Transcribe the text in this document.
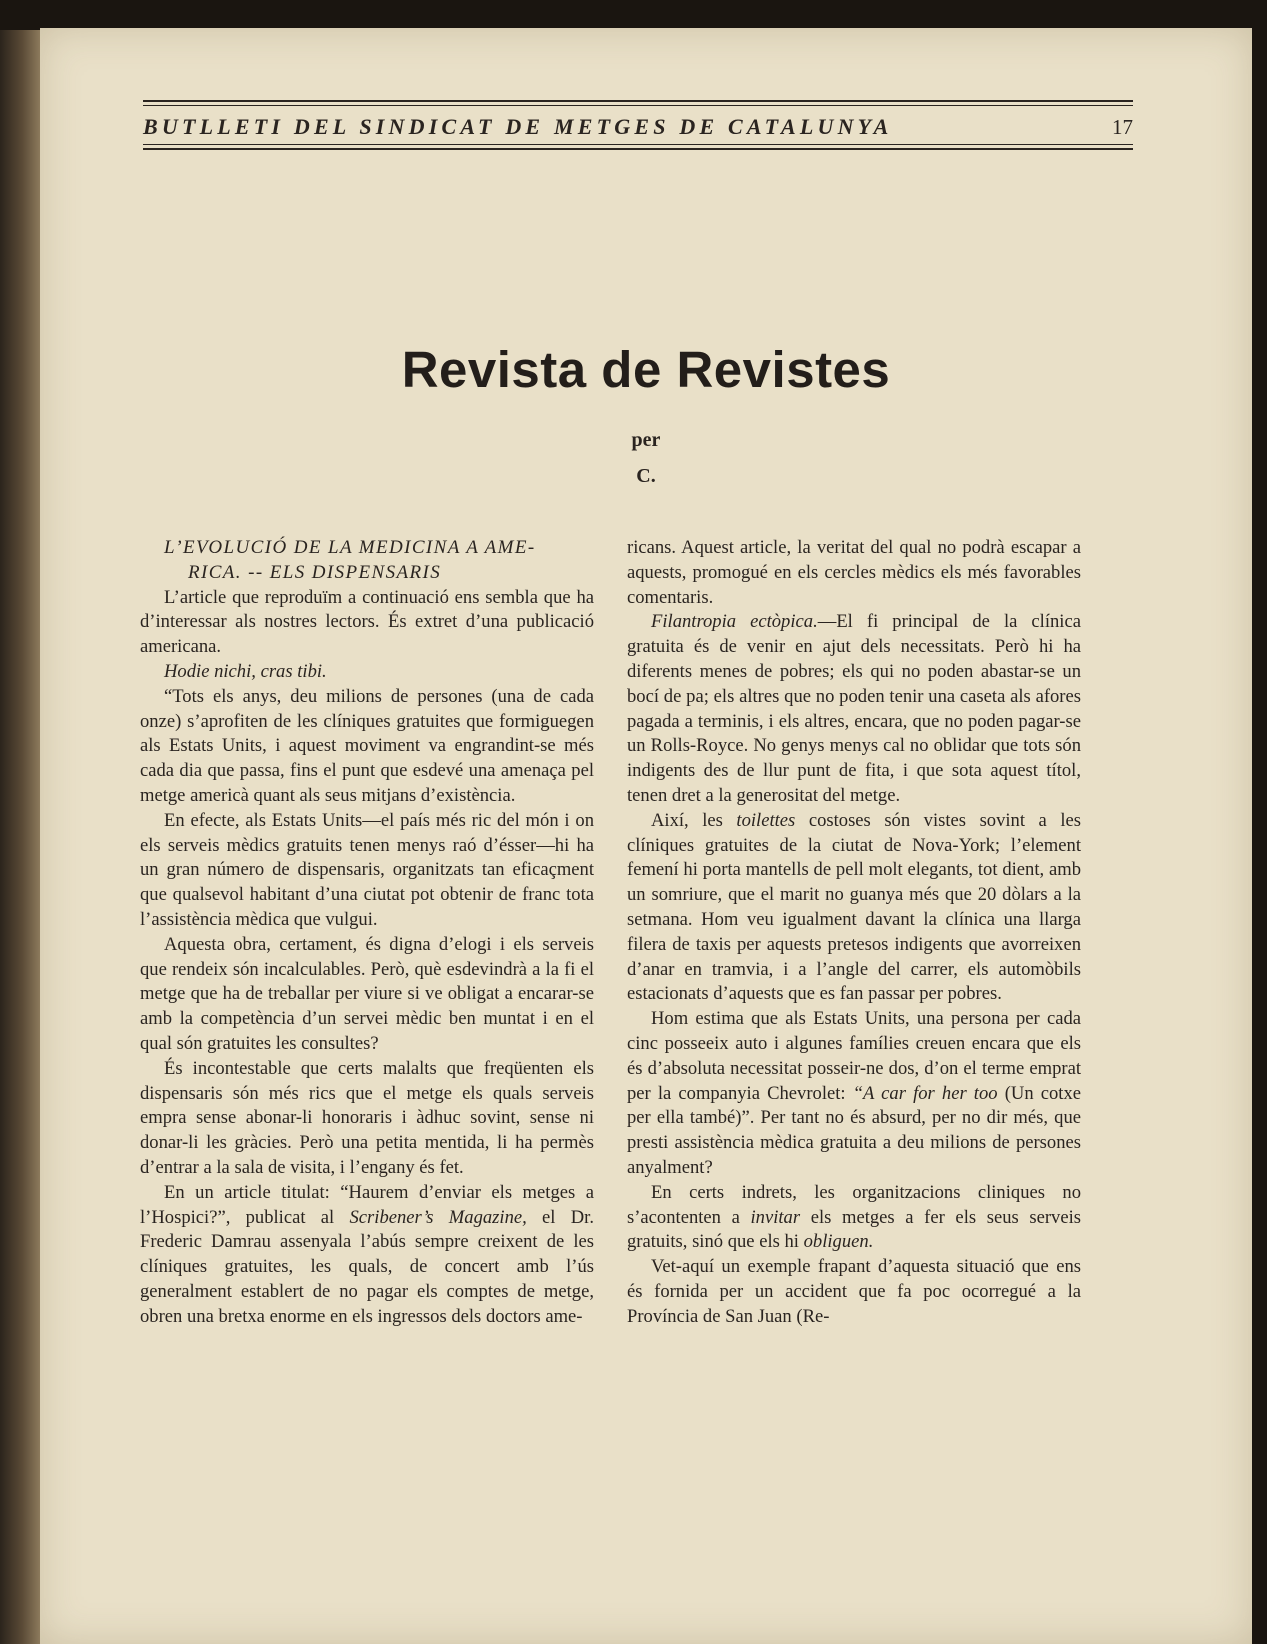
BUTLLETI DEL SINDICAT DE METGES DE CATALUNYA	17
Revista de Revistes
per
C.

L’EVOLUCIÓ DE LA MEDICINA A AME-
RICA. -- ELS DISPENSARIS

L’article que reproduïm a continuació ens sembla que ha d’interessar als nostres lectors. És extret d’una publicació americana.

Hodie nichi, cras tibi.

“Tots els anys, deu milions de persones (una de cada onze) s’aprofiten de les clíniques gratuites que formiguegen als Estats Units, i aquest moviment va engrandint-se més cada dia que passa, fins el punt que esdevé una amenaça pel metge americà quant als seus mitjans d’existència.

En efecte, als Estats Units—el país més ric del món i on els serveis mèdics gratuits tenen menys raó d’ésser—hi ha un gran número de dispensaris, organitzats tan eficaçment que qualsevol habitant d’una ciutat pot obtenir de franc tota l’assistència mèdica que vulgui.

Aquesta obra, certament, és digna d’elogi i els serveis que rendeix són incalculables. Però, què esdevindrà a la fi el metge que ha de treballar per viure si ve obligat a encarar-se amb la competència d’un servei mèdic ben muntat i en el qual són gratuites les consultes?

És incontestable que certs malalts que freqüenten els dispensaris són més rics que el metge els quals serveis empra sense abonar-li honoraris i àdhuc sovint, sense ni donar-li les gràcies. Però una petita mentida, li ha permès d’entrar a la sala de visita, i l’engany és fet.

En un article titulat: “Haurem d’enviar els metges a l’Hospici?”, publicat al Scribener’s Magazine, el Dr. Frederic Damrau assenyala l’abús sempre creixent de les clíniques gratuites, les quals, de concert amb l’ús generalment establert de no pagar els comptes de metge, obren una bretxa enorme en els ingressos dels doctors ame-

ricans. Aquest article, la veritat del qual no podrà escapar a aquests, promogué en els cercles mèdics els més favorables comentaris.

Filantropia ectòpica.—El fi principal de la clínica gratuita és de venir en ajut dels necessitats. Però hi ha diferents menes de pobres; els qui no poden abastar-se un bocí de pa; els altres que no poden tenir una caseta als afores pagada a terminis, i els altres, encara, que no poden pagar-se un Rolls-Royce. No genys menys cal no oblidar que tots són indigents des de llur punt de fita, i que sota aquest títol, tenen dret a la generositat del metge.

Així, les toilettes costoses són vistes sovint a les clíniques gratuites de la ciutat de Nova-York; l’element femení hi porta mantells de pell molt elegants, tot dient, amb un somriure, que el marit no guanya més que 20 dòlars a la setmana. Hom veu igualment davant la clínica una llarga filera de taxis per aquests pretesos indigents que avorreixen d’anar en tramvia, i a l’angle del carrer, els automòbils estacionats d’aquests que es fan passar per pobres.

Hom estima que als Estats Units, una persona per cada cinc posseeix auto i algunes famílies creuen encara que els és d’absoluta necessitat posseir-ne dos, d’on el terme emprat per la companyia Chevrolet: “A car for her too (Un cotxe per ella també)”. Per tant no és absurd, per no dir més, que presti assistència mèdica gratuita a deu milions de persones anyalment?

En certs indrets, les organitzacions cliniques no s’acontenten a invitar els metges a fer els seus serveis gratuits, sinó que els hi obliguen.

Vet-aquí un exemple frapant d’aquesta situació que ens és fornida per un accident que fa poc ocorregué a la Província de San Juan (Re-
